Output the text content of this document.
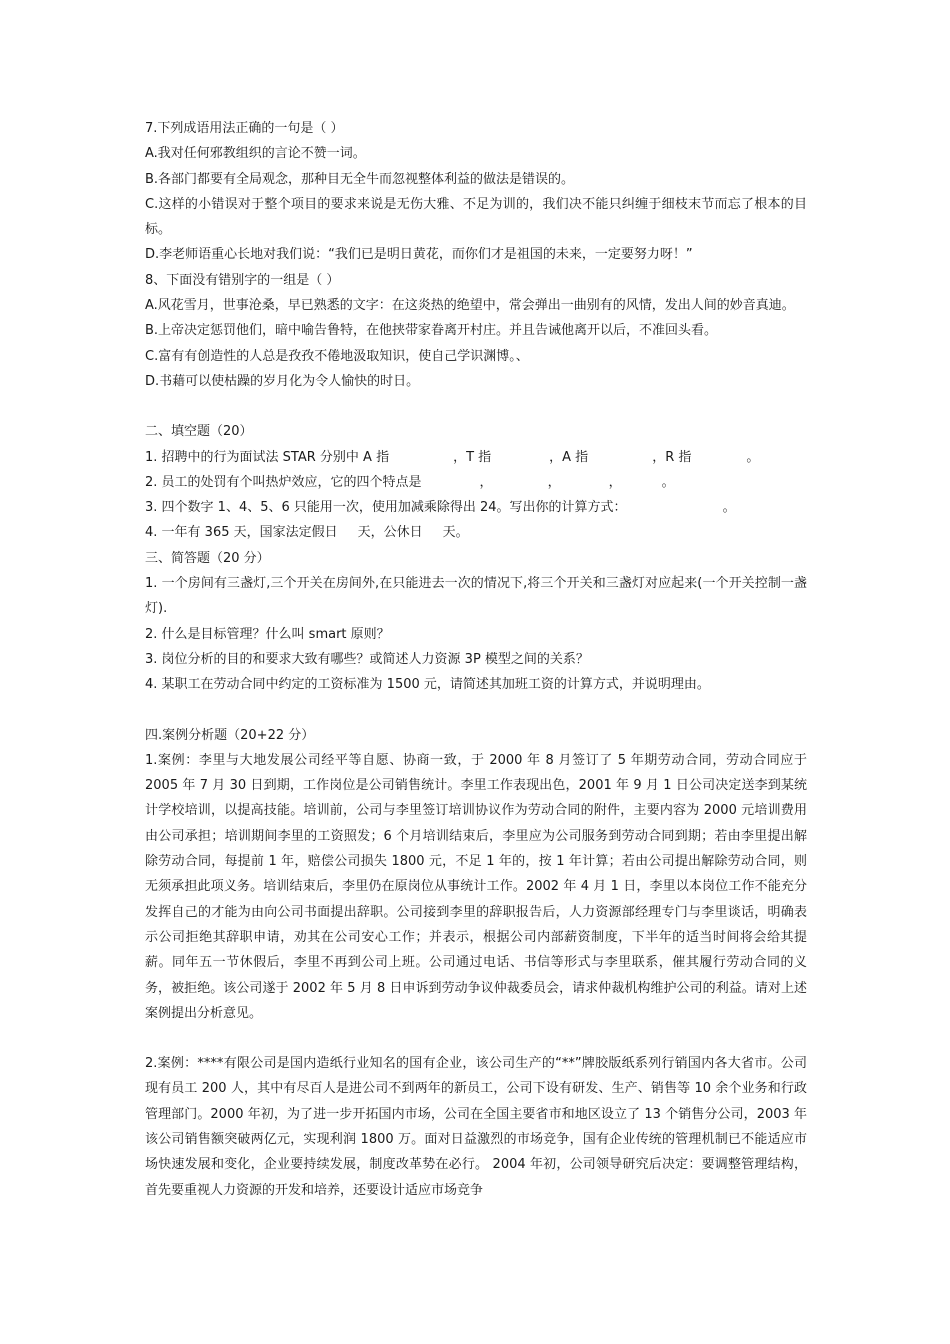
7.下列成语用法正确的一句是（ ）
A.我对任何邪教组织的言论不赞一词。
B.各部门都要有全局观念，那种目无全牛而忽视整体利益的做法是错误的。
C.这样的小错误对于整个项目的要求来说是无伤大雅、不足为训的，我们决不能只纠缠于细枝末节而忘了根本的目标。
D.李老师语重心长地对我们说：“我们已是明日黄花，而你们才是祖国的未来，一定要努力呀！”
8、下面没有错别字的一组是（ ）
A.风花雪月，世事沧桑，早已熟悉的文字：在这炎热的绝望中，常会弹出一曲别有的风情，发出人间的妙音真迪。
B.上帝决定惩罚他们，暗中喻告鲁特，在他挟带家眷离开村庄。并且告诫他离开以后，不准回头看。
C.富有有创造性的人总是孜孜不倦地汲取知识，使自己学识渊博。、
D.书藉可以使枯躁的岁月化为令人愉快的时日。
二、填空题（20）
1. 招聘中的行为面试法 STAR 分别中 A 指	，T 指	，A 指	，R 指	。
2. 员工的处罚有个叫热炉效应，它的四个特点是	，	，	，	。
3. 四个数字 1、4、5、6 只能用一次，使用加减乘除得出 24。写出你的计算方式：	。
4. 一年有 365 天，国家法定假日 天，公休日 天。
三、简答题（20 分）
1. 一个房间有三盏灯,三个开关在房间外,在只能进去一次的情况下,将三个开关和三盏灯对应起来(一个开关控制一盏灯).
2. 什么是目标管理？什么叫 smart 原则？
3. 岗位分析的目的和要求大致有哪些？或简述人力资源 3P 模型之间的关系？
4. 某职工在劳动合同中约定的工资标准为 1500 元，请简述其加班工资的计算方式，并说明理由。
四.案例分析题（20+22 分）
1.案例：李里与大地发展公司经平等自愿、协商一致，于 2000 年 8 月签订了 5 年期劳动合同，劳动合同应于 2005 年 7 月 30 日到期，工作岗位是公司销售统计。李里工作表现出色，2001 年 9 月 1 日公司决定送李到某统计学校培训，以提高技能。培训前，公司与李里签订培训协议作为劳动合同的附件，主要内容为 2000 元培训费用由公司承担；培训期间李里的工资照发；6 个月培训结束后，李里应为公司服务到劳动合同到期；若由李里提出解除劳动合同，每提前 1 年，赔偿公司损失 1800 元，不足 1 年的，按 1 年计算；若由公司提出解除劳动合同，则无须承担此项义务。培训结束后，李里仍在原岗位从事统计工作。2002 年 4 月 1 日，李里以本岗位工作不能充分发挥自己的才能为由向公司书面提出辞职。公司接到李里的辞职报告后，人力资源部经理专门与李里谈话，明确表示公司拒绝其辞职申请，劝其在公司安心工作；并表示，根据公司内部薪资制度，下半年的适当时间将会给其提薪。同年五一节休假后，李里不再到公司上班。公司通过电话、书信等形式与李里联系，催其履行劳动合同的义务，被拒绝。该公司遂于 2002 年 5 月 8 日申诉到劳动争议仲裁委员会，请求仲裁机构维护公司的利益。请对上述案例提出分析意见。
2.案例：****有限公司是国内造纸行业知名的国有企业，该公司生产的“**”牌胶版纸系列行销国内各大省市。公司现有员工 200 人，其中有尽百人是进公司不到两年的新员工，公司下设有研发、生产、销售等 10 余个业务和行政管理部门。2000 年初，为了进一步开拓国内市场，公司在全国主要省市和地区设立了 13 个销售分公司，2003 年该公司销售额突破两亿元，实现利润 1800 万。面对日益激烈的市场竞争，国有企业传统的管理机制已不能适应市场快速发展和变化，企业要持续发展，制度改革势在必行。 2004 年初，公司领导研究后决定：要调整管理结构，首先要重视人力资源的开发和培养，还要设计适应市场竞争
